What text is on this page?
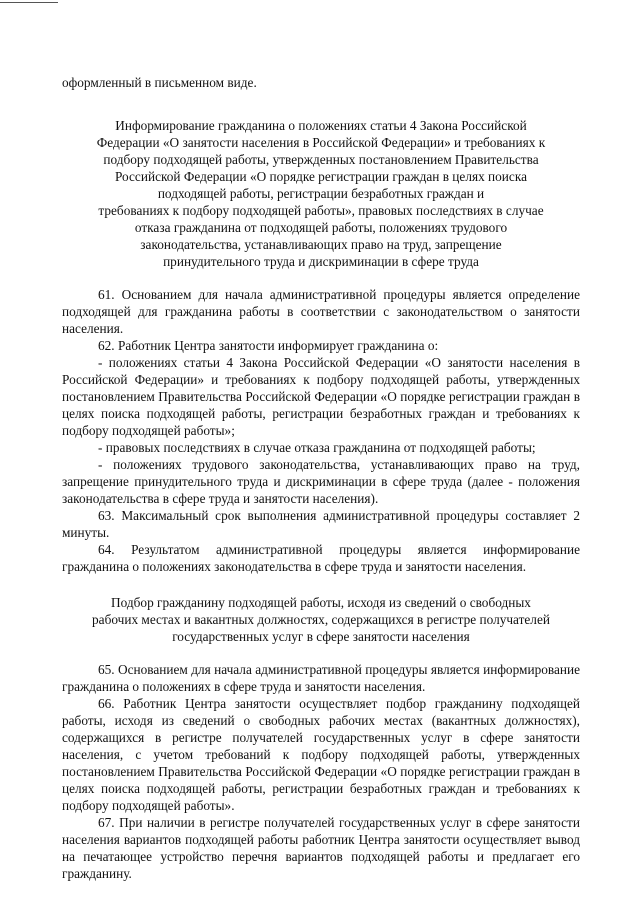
оформленный в письменном виде.

Информирование гражданина о положениях статьи 4 Закона Российской
Федерации «О занятости населения в Российской Федерации» и требованиях к
подбору подходящей работы, утвержденных постановлением Правительства
Российской Федерации «О порядке регистрации граждан в целях поиска
подходящей работы, регистрации безработных граждан и
требованиях к подбору подходящей работы», правовых последствиях в случае
отказа гражданина от подходящей работы, положениях трудового
законодательства, устанавливающих право на труд, запрещение
принудительного труда и дискриминации в сфере труда

61. Основанием для начала административной процедуры является определение подходящей для гражданина работы в соответствии с законодательством о занятости населения.

62. Работник Центра занятости информирует гражданина о:

- положениях статьи 4 Закона Российской Федерации «О занятости населения в Российской Федерации» и требованиях к подбору подходящей работы, утвержденных постановлением Правительства Российской Федерации «О порядке регистрации граждан в целях поиска подходящей работы, регистрации безработных граждан и требованиях к подбору подходящей работы»;

- правовых последствиях в случае отказа гражданина от подходящей работы;

- положениях трудового законодательства, устанавливающих право на труд, запрещение принудительного труда и дискриминации в сфере труда (далее - положения законодательства в сфере труда и занятости населения).

63. Максимальный срок выполнения административной процедуры составляет 2 минуты.

64. Результатом административной процедуры является информирование гражданина о положениях законодательства в сфере труда и занятости населения.

Подбор гражданину подходящей работы, исходя из сведений о свободных
рабочих местах и вакантных должностях, содержащихся в регистре получателей
государственных услуг в сфере занятости населения

65. Основанием для начала административной процедуры является информирование гражданина о положениях в сфере труда и занятости населения.

66. Работник Центра занятости осуществляет подбор гражданину подходящей работы, исходя из сведений о свободных рабочих местах (вакантных должностях), содержащихся в регистре получателей государственных услуг в сфере занятости населения, с учетом требований к подбору подходящей работы, утвержденных постановлением Правительства Российской Федерации «О порядке регистрации граждан в целях поиска подходящей работы, регистрации безработных граждан и требованиях к подбору подходящей работы».

67. При наличии в регистре получателей государственных услуг в сфере занятости населения вариантов подходящей работы работник Центра занятости осуществляет вывод на печатающее устройство перечня вариантов подходящей работы и предлагает его гражданину.
